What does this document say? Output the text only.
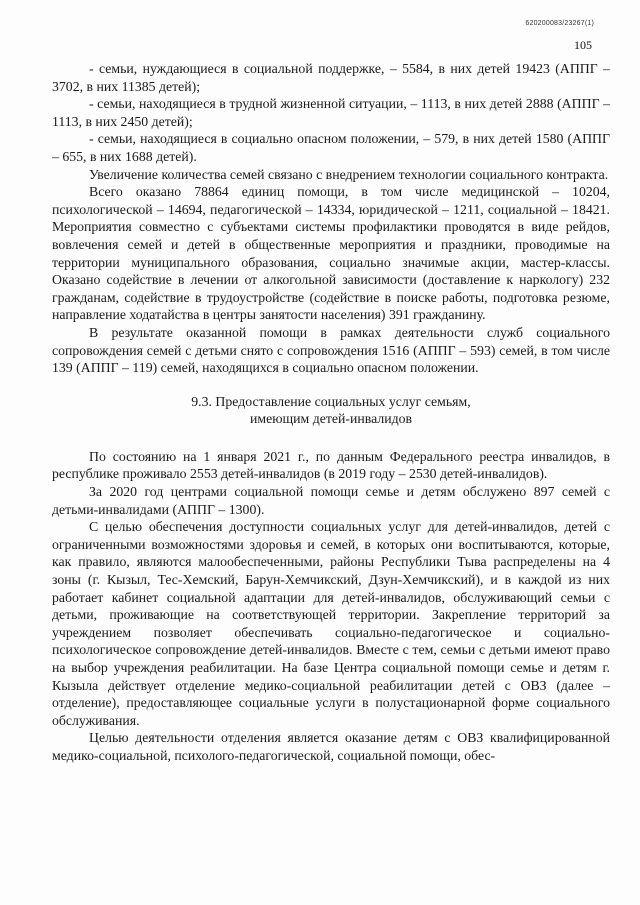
620200083/23267(1)
105

- семьи, нуждающиеся в социальной поддержке, – 5584, в них детей 19423 (АППГ – 3702, в них 11385 детей);

- семьи, находящиеся в трудной жизненной ситуации, – 1113, в них детей 2888 (АППГ – 1113, в них 2450 детей);

- семьи, находящиеся в социально опасном положении, – 579, в них детей 1580 (АППГ – 655, в них 1688 детей).

Увеличение количества семей связано с внедрением технологии социального контракта.

Всего оказано 78864 единиц помощи, в том числе медицинской – 10204, психологической – 14694, педагогической – 14334, юридической – 1211, социальной – 18421. Мероприятия совместно с субъектами системы профилактики проводятся в виде рейдов, вовлечения семей и детей в общественные мероприятия и праздники, проводимые на территории муниципального образования, социально значимые акции, мастер-классы. Оказано содействие в лечении от алкогольной зависимости (доставление к наркологу) 232 гражданам, содействие в трудоустройстве (содействие в поиске работы, подготовка резюме, направление ходатайства в центры занятости населения) 391 гражданину.

В результате оказанной помощи в рамках деятельности служб социального сопровождения семей с детьми снято с сопровождения 1516 (АППГ – 593) семей, в том числе 139 (АППГ – 119) семей, находящихся в социально опасном положении.

9.3. Предоставление социальных услуг семьям,
имеющим детей-инвалидов

По состоянию на 1 января 2021 г., по данным Федерального реестра инвалидов, в республике проживало 2553 детей-инвалидов (в 2019 году – 2530 детей-инвалидов).

За 2020 год центрами социальной помощи семье и детям обслужено 897 семей с детьми-инвалидами (АППГ – 1300).

С целью обеспечения доступности социальных услуг для детей-инвалидов, детей с ограниченными возможностями здоровья и семей, в которых они воспитываются, которые, как правило, являются малообеспеченными, районы Республики Тыва распределены на 4 зоны (г. Кызыл, Тес-Хемский, Барун-Хемчикский, Дзун-Хемчикский), и в каждой из них работает кабинет социальной адаптации для детей-инвалидов, обслуживающий семьи с детьми, проживающие на соответствующей территории. Закрепление территорий за учреждением позволяет обеспечивать социально-педагогическое и социально-психологическое сопровождение детей-инвалидов. Вместе с тем, семьи с детьми имеют право на выбор учреждения реабилитации. На базе Центра социальной помощи семье и детям г. Кызыла действует отделение медико-социальной реабилитации детей с ОВЗ (далее – отделение), предоставляющее социальные услуги в полустационарной форме социального обслуживания.

Целью деятельности отделения является оказание детям с ОВЗ квалифицированной медико-социальной, психолого-педагогической, социальной помощи, обес-
